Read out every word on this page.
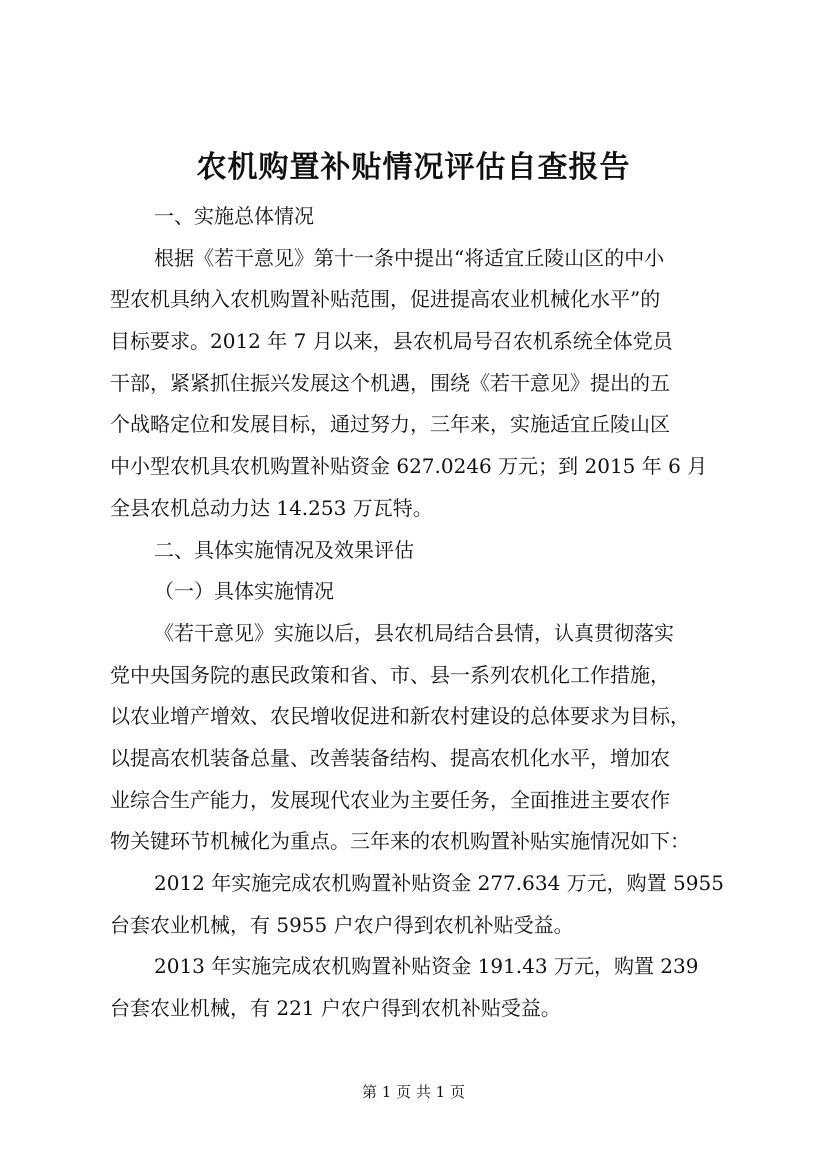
农机购置补贴情况评估自查报告
一、实施总体情况
根据《若干意见》第十一条中提出“将适宜丘陵山区的中小
型农机具纳入农机购置补贴范围，促进提高农业机械化水平”的
目标要求。2012 年 7 月以来，县农机局号召农机系统全体党员
干部，紧紧抓住振兴发展这个机遇，围绕《若干意见》提出的五
个战略定位和发展目标，通过努力，三年来，实施适宜丘陵山区
中小型农机具农机购置补贴资金 627.0246 万元；到 2015 年 6 月
全县农机总动力达 14.253 万瓦特。
二、具体实施情况及效果评估
（一）具体实施情况
《若干意见》实施以后，县农机局结合县情，认真贯彻落实
党中央国务院的惠民政策和省、市、县一系列农机化工作措施，
以农业增产增效、农民增收促进和新农村建设的总体要求为目标，
以提高农机装备总量、改善装备结构、提高农机化水平，增加农
业综合生产能力，发展现代农业为主要任务，全面推进主要农作
物关键环节机械化为重点。三年来的农机购置补贴实施情况如下：
2012 年实施完成农机购置补贴资金 277.634 万元，购置 5955
台套农业机械，有 5955 户农户得到农机补贴受益。
2013 年实施完成农机购置补贴资金 191.43 万元，购置 239
台套农业机械，有 221 户农户得到农机补贴受益。
第 1 页 共 1 页
